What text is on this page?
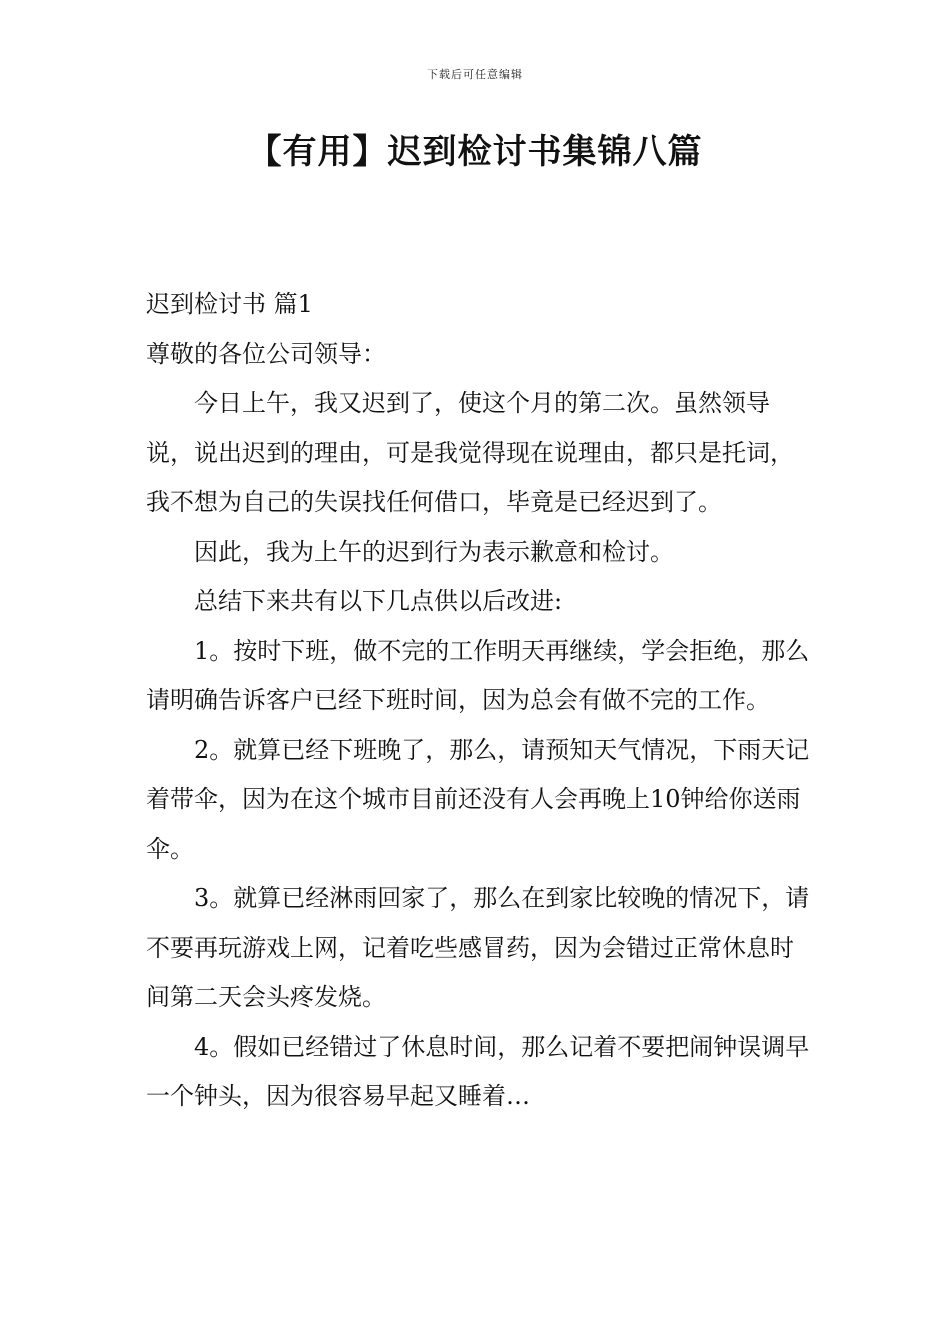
下载后可任意编辑
【有用】迟到检讨书集锦八篇

迟到检讨书 篇1

尊敬的各位公司领导：

今日上午，我又迟到了，使这个月的第二次。虽然领导说，说出迟到的理由，可是我觉得现在说理由，都只是托词，我不想为自己的失误找任何借口，毕竟是已经迟到了。

因此，我为上午的迟到行为表示歉意和检讨。

总结下来共有以下几点供以后改进:

1。按时下班，做不完的工作明天再继续，学会拒绝，那么请明确告诉客户已经下班时间，因为总会有做不完的工作。

2。就算已经下班晚了，那么，请预知天气情况，下雨天记着带伞，因为在这个城市目前还没有人会再晚上10钟给你送雨伞。

3。就算已经淋雨回家了，那么在到家比较晚的情况下，请不要再玩游戏上网，记着吃些感冒药，因为会错过正常休息时间第二天会头疼发烧。

4。假如已经错过了休息时间，那么记着不要把闹钟误调早一个钟头，因为很容易早起又睡着…
